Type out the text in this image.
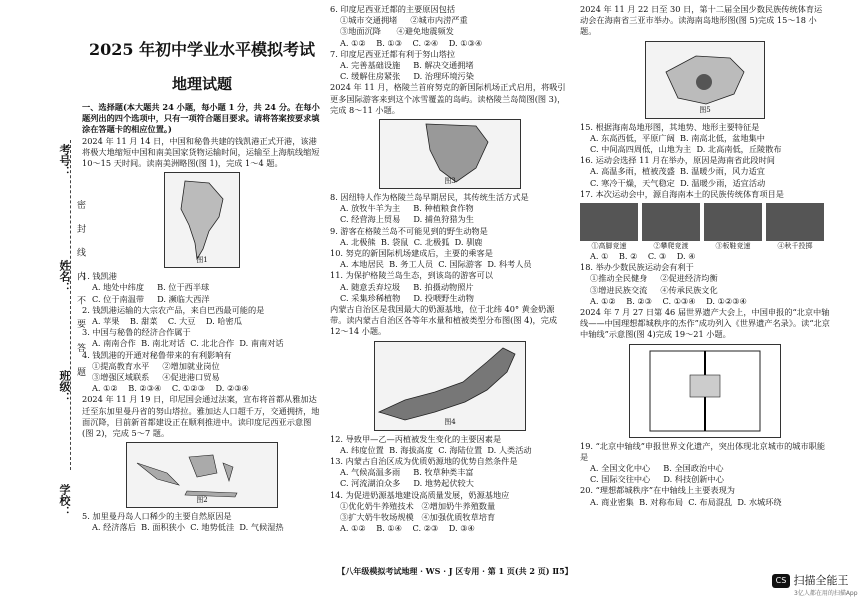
考号：
姓名：
班级：
学校：
密 封 线 内 不 要 答 题
2025 年初中学业水平模拟考试
地理试题

一、选择题(本大题共 24 小题，每小题 1 分，共 24 分。在每小题列出的四个选项中，只有一项符合题目要求。请将答案按要求填涂在答题卡的相应位置。)

2024 年 11 月 14 日，中国和秘鲁共建的钱凯港正式开港，该港将极大地缩短中国和南美国家货物运输时间，运输至上海航线缩短 10～15 天时间。读南美洲略图(图 1)，完成 1～4 题。

图1

1. 钱凯港

A. 地处中纬度     B. 位于西半球

C. 位于南温带     D. 濒临大西洋

2. 钱凯港运输的大宗农产品，来自巴西最可能的是

A. 苹果    B. 甜菜    C. 大豆    D. 哈密瓜

3. 中国与秘鲁的经济合作属于

A. 南南合作  B. 南北对话  C. 北北合作  D. 南南对话

4. 钱凯港的开通对秘鲁带来的有利影响有

①提高教育水平     ②增加就业岗位

③增强区域联系     ④促进港口贸易

A. ①②    B. ②③④    C. ①②③    D. ②③④

2024 年 11 月 19 日，印尼国会通过法案，宣布将首都从雅加达迁至东加里曼丹省的努山塔拉。雅加达人口超千万，交通拥挤，地面沉降，目前新首都建设正在顺利推进中。读印度尼西亚示意图(图 2)，完成 5～7 题。

图2

5. 加里曼丹岛人口稀少的主要自然原因是

A. 经济落后  B. 面积狭小  C. 地势低洼  D. 气候湿热

6. 印度尼西亚迁都的主要原因包括

①城市交通拥堵     ②城市内涝严重

③地面沉降      ④避免地震频发

A. ①②    B. ①③    C. ②④    D. ①③④

7. 印度尼西亚迁都有利于努山塔拉

A. 完善基础设施     B. 解决交通拥堵

C. 缓解住房紧张     D. 治理环境污染

2024 年 11 月，格陵兰首府努克的新国际机场正式启用，将吸引更多国际游客来到这个冰雪覆盖的岛屿。读格陵兰岛简图(图 3)，完成 8～11 小题。

图3

8. 因纽特人作为格陵兰岛早期居民，其传统生活方式是

A. 放牧牛羊为主     B. 种植粮食作物

C. 经营海上贸易     D. 捕鱼狩猎为生

9. 游客在格陵兰岛不可能见到的野生动物是

A. 北极熊  B. 袋鼠  C. 北极狐  D. 驯鹿

10. 努克的新国际机场建成后，主要的乘客是

A. 本地居民  B. 务工人员  C. 国际游客  D. 科考人员

11. 为保护格陵兰岛生态，到该岛的游客可以

A. 随意丢弃垃圾     B. 拍摄动物照片

C. 采集珍稀植物     D. 投喂野生动物

内蒙古自治区是我国最大的奶源基地，位于北纬 40° 黄金奶源带。读内蒙古自治区各等年水量和植被类型分布图(图 4)，完成 12～14 小题。

图4

12. 导致甲—乙—丙植被发生变化的主要因素是

A. 纬度位置  B. 海拔高度  C. 海陆位置  D. 人类活动

13. 内蒙古自治区成为优质奶源地的优势自然条件是

A. 气候高温多雨     B. 牧草种类丰富

C. 河流湖泊众多     D. 地势起伏较大

14. 为促进奶源基地建设高质量发展，奶源基地应

①优化奶牛养殖技术   ②增加奶牛养殖数量

③扩大奶牛牧场规模   ④加强优质牧草培育

A. ①②    B. ①④    C. ②③    D. ③④

2024 年 11 月 22 日至 30 日，第十二届全国少数民族传统体育运动会在海南省三亚市举办。读海南岛地形图(图 5)完成 15～18 小题。

图5

15. 根据海南岛地形图，其地势、地形主要特征是

A. 东高西低，平原广阔  B. 南高北低，盆地集中

C. 中间高四周低，山地为主  D. 北高南低，丘陵散布

16. 运动会选择 11 月在举办，原因是海南省此段时间

A. 高温多雨，植被茂盛  B. 温暖少雨，风力适宜

C. 寒冷干燥，天气稳定  D. 温暖少雨，适宜活动

17. 本次运动会中，源自海南本土的民族传统体育项目是

①高脚竞速	②攀爬竞渡	③板鞋竞速	④秋千投掷

A. ①    B. ②    C. ③    D. ④

18. 举办少数民族运动会有利于

①推动全民健身     ②促进经济均衡

③增进民族交流     ④传承民族文化

A. ①②    B. ②③    C. ①③④    D. ①②③④

2024 年 7 月 27 日第 46 届世界遗产大会上，中国申报的“北京中轴线——中国理想都城秩序的杰作”成功列入《世界遗产名录》。读“北京中轴线”示意图(图 4)完成 19～21 小题。

19. “北京中轴线”申报世界文化遗产，突出体现北京城市的城市职能是

A. 全国文化中心     B. 全国政治中心

C. 国际交往中心     D. 科技创新中心

20. “理想都城秩序”在中轴线上主要表现为

A. 商业密集  B. 对称布局  C. 布局混乱  D. 水城环绕

【八年级模拟考试地理 · WS · J 区专用 · 第 1 页(共 2 页) Ⅱ5】
CS 扫描全能王
3亿人都在用的扫描App
